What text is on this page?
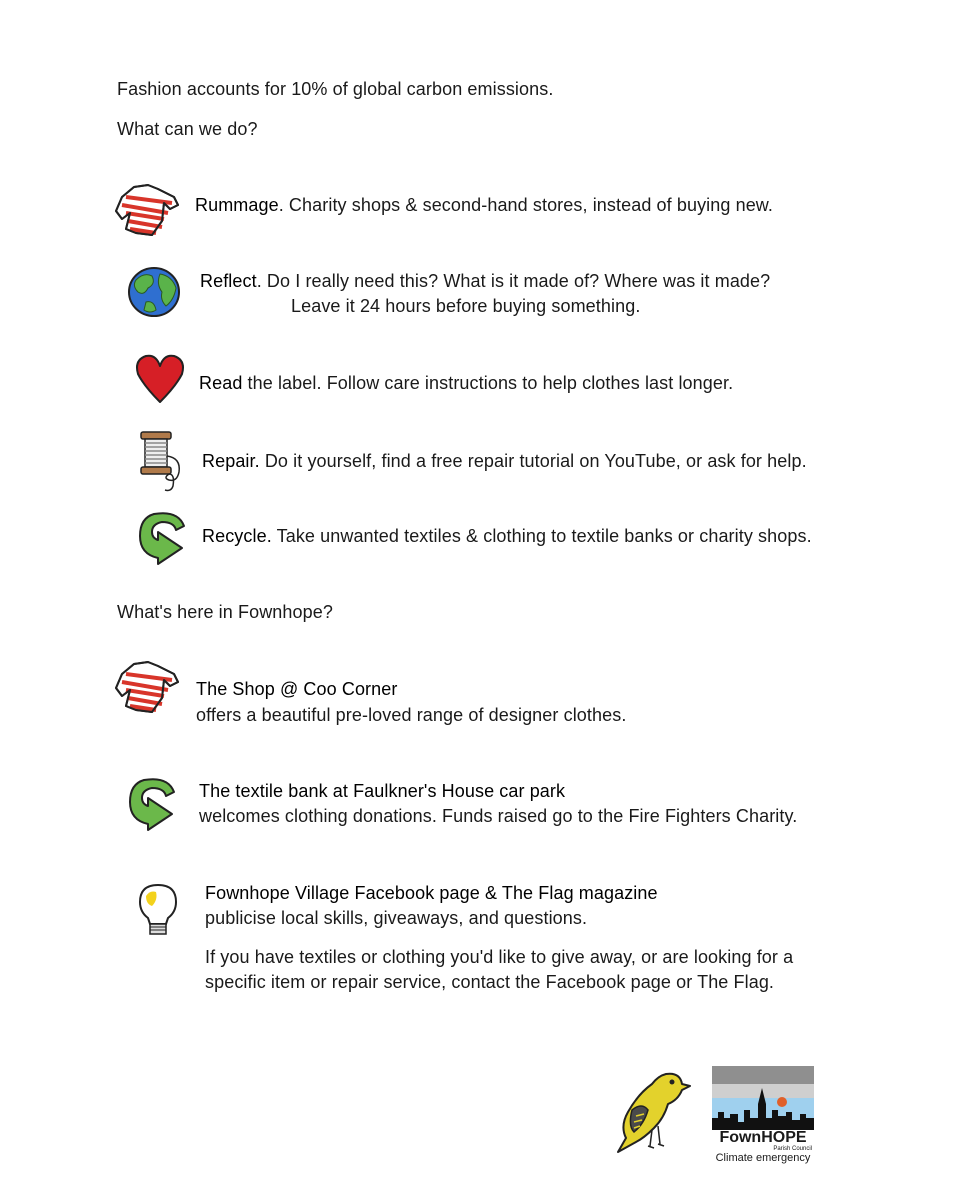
Fashion accounts for 10% of global carbon emissions.
What can we do?
Rummage. Charity shops & second-hand stores, instead of buying new.
Reflect. Do I really need this? What is it made of? Where was it made?
Leave it 24 hours before buying something.
Read the label. Follow care instructions to help clothes last longer.
Repair. Do it yourself, find a free repair tutorial on YouTube, or ask for help.
Recycle. Take unwanted textiles & clothing to textile banks or charity shops.
What's here in Fownhope?
The Shop @ Coo Corner
offers a beautiful pre-loved range of designer clothes.
The textile bank at Faulkner's House car park
welcomes clothing donations. Funds raised go to the Fire Fighters Charity.
Fownhope Village Facebook page & The Flag magazine
publicise local skills, giveaways, and questions.
If you have textiles or clothing you'd like to give away, or are looking for a
specific item or repair service, contact the Facebook page or The Flag.
FownHOPE
Parish Council
Climate emergency
